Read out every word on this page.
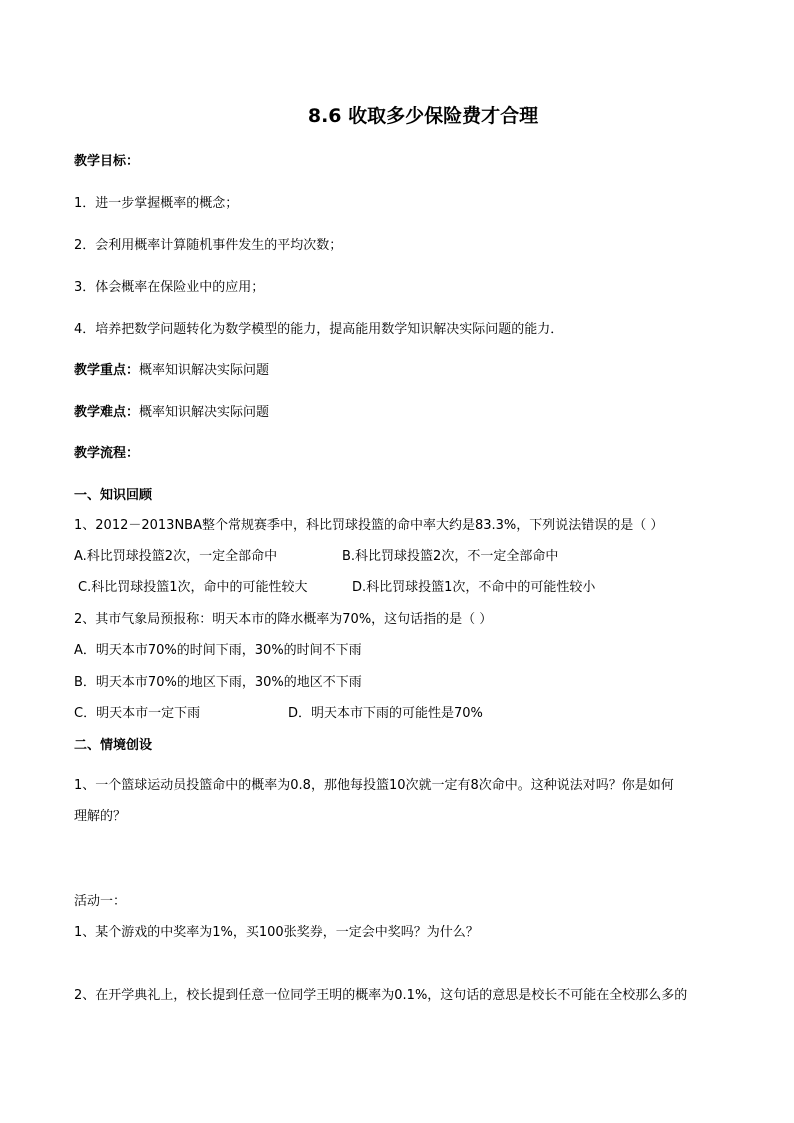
8.6 收取多少保险费才合理
教学目标：
1．进一步掌握概率的概念；
2．会利用概率计算随机事件发生的平均次数；
3．体会概率在保险业中的应用；
4．培养把数学问题转化为数学模型的能力，提高能用数学知识解决实际问题的能力．
教学重点：概率知识解决实际问题
教学难点：概率知识解决实际问题
教学流程：
一、知识回顾
1、2012－2013NBA整个常规赛季中，科比罚球投篮的命中率大约是83.3%，下列说法错误的是（ ）
A.科比罚球投篮2次，一定全部命中	B.科比罚球投篮2次，不一定全部命中
C.科比罚球投篮1次，命中的可能性较大	D.科比罚球投篮1次，不命中的可能性较小
2、其市气象局预报称：明天本市的降水概率为70%，这句话指的是（ ）
A．明天本市70%的时间下雨，30%的时间不下雨
B．明天本市70%的地区下雨，30%的地区不下雨
C．明天本市一定下雨	D．明天本市下雨的可能性是70%
二、情境创设
1、一个篮球运动员投篮命中的概率为0.8，那他每投篮10次就一定有8次命中。这种说法对吗？你是如何
理解的？
活动一：
1、某个游戏的中奖率为1%，买100张奖券，一定会中奖吗？为什么？
2、在开学典礼上，校长提到任意一位同学王明的概率为0.1%，这句话的意思是校长不可能在全校那么多的
